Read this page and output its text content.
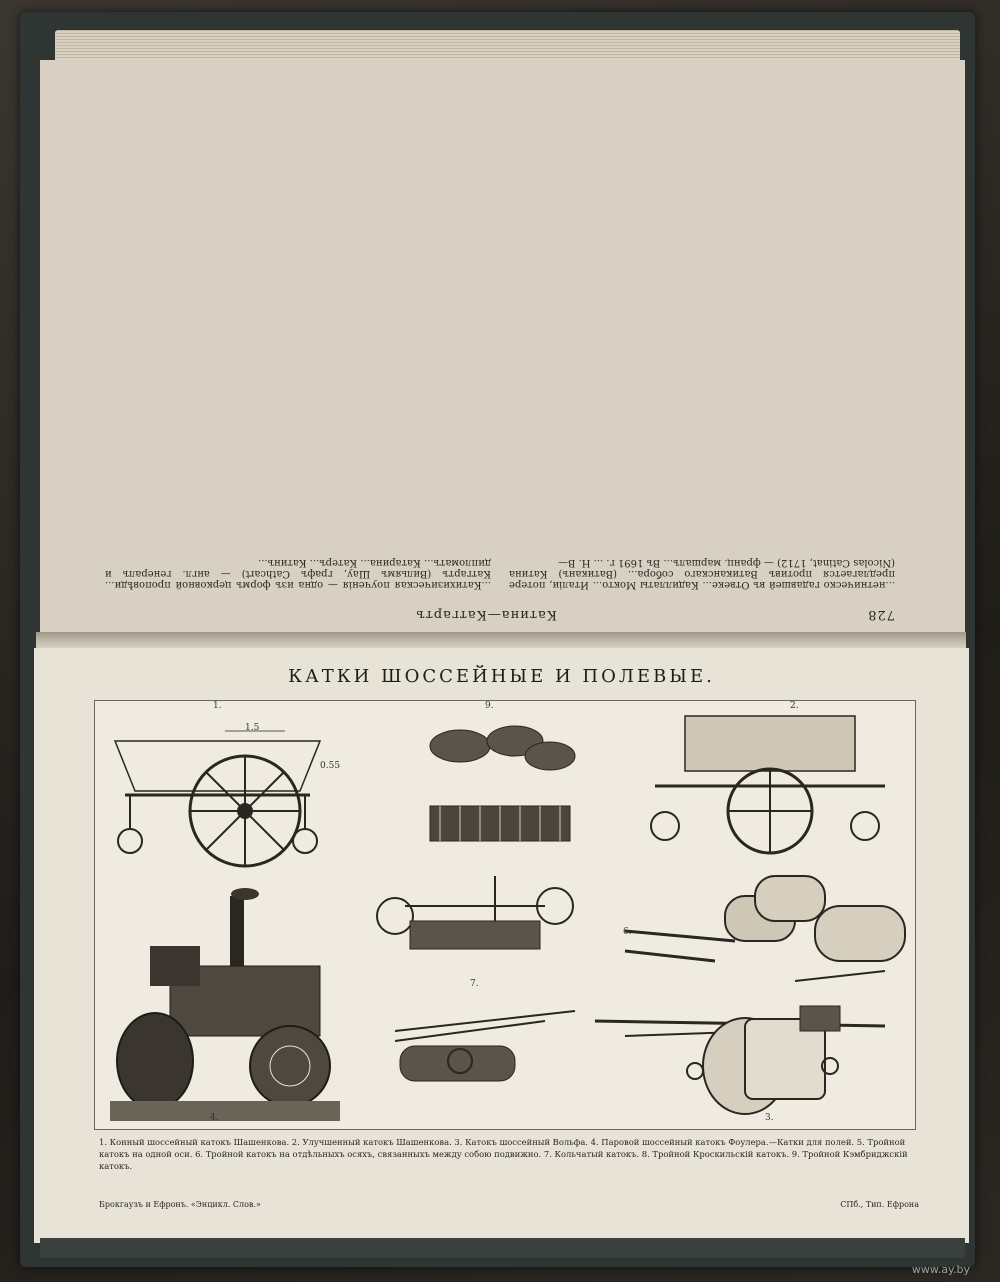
728
Катина—Катгартъ
...нетническо гадавшей въ Отвеке... Кадиллаты Мокто... Италіи, потере предлагается противъ Ватиканскаго собора... (Ватиканъ) Катина (Nicolas Catinat, 1712) — франц. маршалъ... Въ 1691 г. ... Н. В—
...Катихизическая поученія — одна изъ формъ церковной проповѣди... Катгартъ (Вильямъ Шау, графъ Cathcart) — англ. генералъ и дипломатъ... Катарина... Катеръ... Катинъ...
КАТКИ ШОССЕЙНЫЕ И ПОЛЕВЫЕ.
1.
1.5
0.55
9.	2.
4.
6.
7.
3.
1. Конный шоссейный катокъ Шашенкова. 2. Улучшенный катокъ Шашенкова. 3. Катокъ шоссейный Вольфа. 4. Паровой шоссейный катокъ Фоулера.—Катки для полей. 5. Тройной катокъ на одной оси. 6. Тройной катокъ на отдѣльныхъ осяхъ, связанныхъ между собою подвижно. 7. Кольчатый катокъ. 8. Тройной Кроскильскій катокъ. 9. Тройной Кэмбриджскій катокъ.
Брокгаузъ и Ефронъ. «Энцикл. Слов.»	СПб., Тип. Ефрона
www.ay.by
